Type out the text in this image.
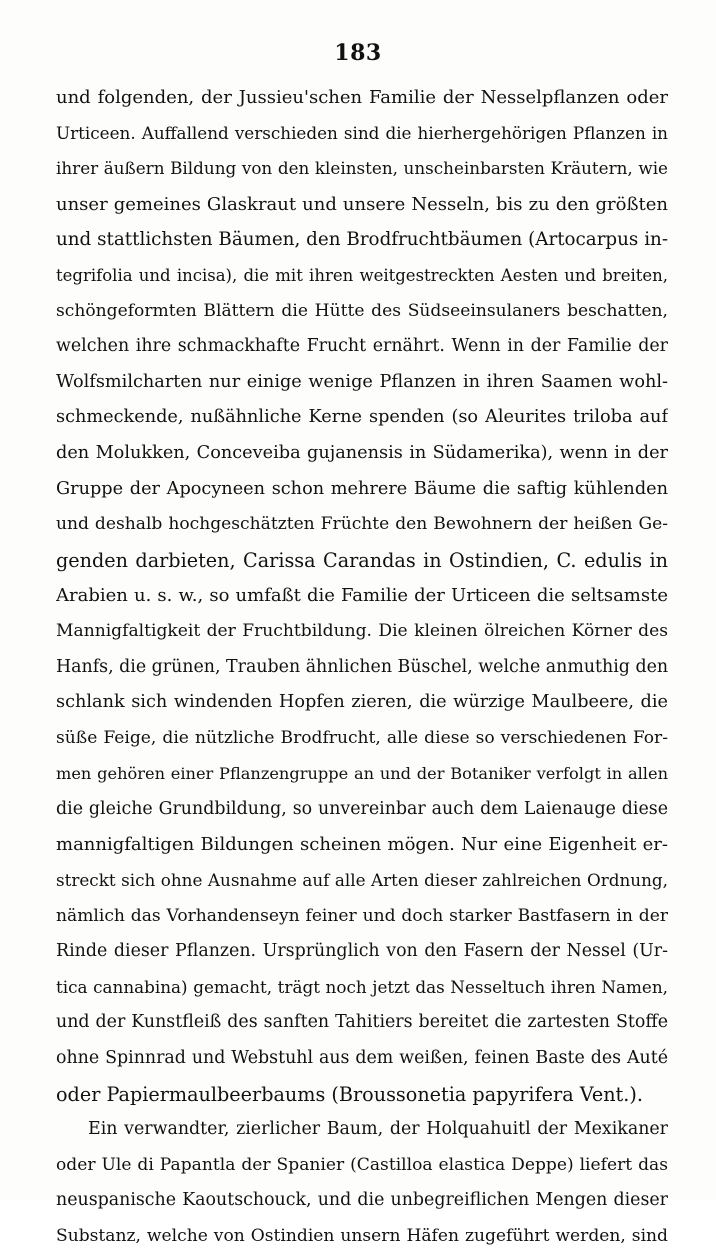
183
und folgenden, der Jussieu'schen Familie der Nesselpflanzen oder
Urticeen. Auffallend verschieden sind die hierhergehörigen Pflanzen in
ihrer äußern Bildung von den kleinsten, unscheinbarsten Kräutern, wie
unser gemeines Glaskraut und unsere Nesseln, bis zu den größten
und stattlichsten Bäumen, den Brodfruchtbäumen (Artocarpus in-
tegrifolia und incisa), die mit ihren weitgestreckten Aesten und breiten,
schöngeformten Blättern die Hütte des Südseeinsulaners beschatten,
welchen ihre schmackhafte Frucht ernährt. Wenn in der Familie der
Wolfsmilcharten nur einige wenige Pflanzen in ihren Saamen wohl-
schmeckende, nußähnliche Kerne spenden (so Aleurites triloba auf
den Molukken, Conceveiba gujanensis in Südamerika), wenn in der
Gruppe der Apocyneen schon mehrere Bäume die saftig kühlenden
und deshalb hochgeschätzten Früchte den Bewohnern der heißen Ge-
genden darbieten, Carissa Carandas in Ostindien, C. edulis in
Arabien u. s. w., so umfaßt die Familie der Urticeen die seltsamste
Mannigfaltigkeit der Fruchtbildung. Die kleinen ölreichen Körner des
Hanfs, die grünen, Trauben ähnlichen Büschel, welche anmuthig den
schlank sich windenden Hopfen zieren, die würzige Maulbeere, die
süße Feige, die nützliche Brodfrucht, alle diese so verschiedenen For-
men gehören einer Pflanzengruppe an und der Botaniker verfolgt in allen
die gleiche Grundbildung, so unvereinbar auch dem Laienauge diese
mannigfaltigen Bildungen scheinen mögen. Nur eine Eigenheit er-
streckt sich ohne Ausnahme auf alle Arten dieser zahlreichen Ordnung,
nämlich das Vorhandenseyn feiner und doch starker Bastfasern in der
Rinde dieser Pflanzen. Ursprünglich von den Fasern der Nessel (Ur-
tica cannabina) gemacht, trägt noch jetzt das Nesseltuch ihren Namen,
und der Kunstfleiß des sanften Tahitiers bereitet die zartesten Stoffe
ohne Spinnrad und Webstuhl aus dem weißen, feinen Baste des Auté
oder Papiermaulbeerbaums (Broussonetia papyrifera Vent.).
Ein verwandter, zierlicher Baum, der Holquahuitl der Mexikaner
oder Ule di Papantla der Spanier (Castilloa elastica Deppe) liefert das
neuspanische Kaoutschouck, und die unbegreiflichen Mengen dieser
Substanz, welche von Ostindien unsern Häfen zugeführt werden, sind
